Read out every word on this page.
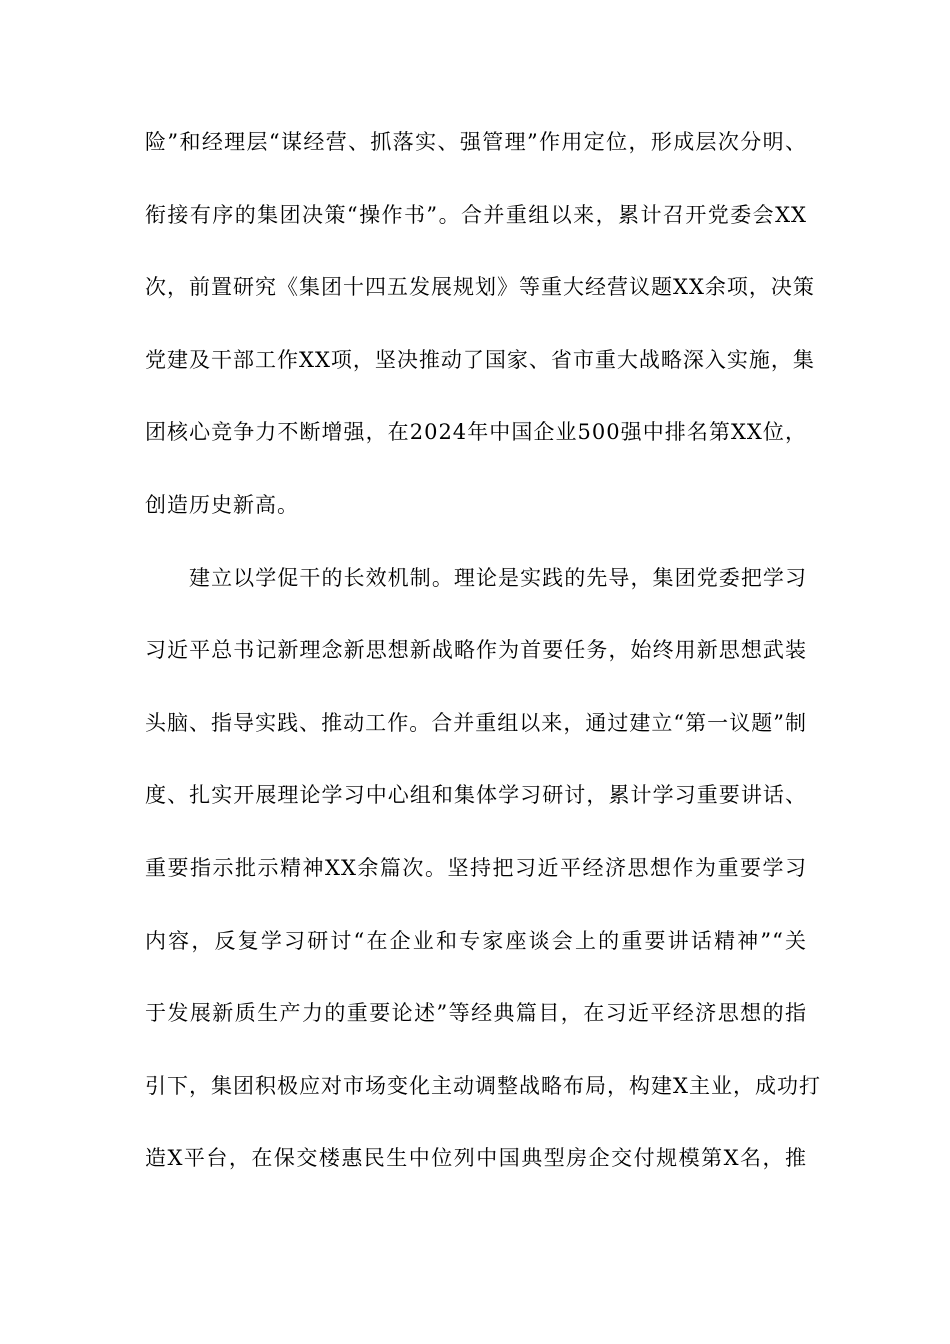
险”和经理层“谋经营、抓落实、强管理”作用定位，形成层次分明、
衔接有序的集团决策“操作书”。合并重组以来，累计召开党委会XX
次，前置研究《集团十四五发展规划》等重大经营议题XX余项，决策
党建及干部工作XX项，坚决推动了国家、省市重大战略深入实施，集
团核心竞争力不断增强，在2024年中国企业500强中排名第XX位，
创造历史新高。
建立以学促干的长效机制。理论是实践的先导，集团党委把学习
习近平总书记新理念新思想新战略作为首要任务，始终用新思想武装
头脑、指导实践、推动工作。合并重组以来，通过建立“第一议题”制
度、扎实开展理论学习中心组和集体学习研讨，累计学习重要讲话、
重要指示批示精神XX余篇次。坚持把习近平经济思想作为重要学习
内容，反复学习研讨“在企业和专家座谈会上的重要讲话精神”“关
于发展新质生产力的重要论述”等经典篇目，在习近平经济思想的指
引下，集团积极应对市场变化主动调整战略布局，构建X主业，成功打
造X平台，在保交楼惠民生中位列中国典型房企交付规模第X名，推
